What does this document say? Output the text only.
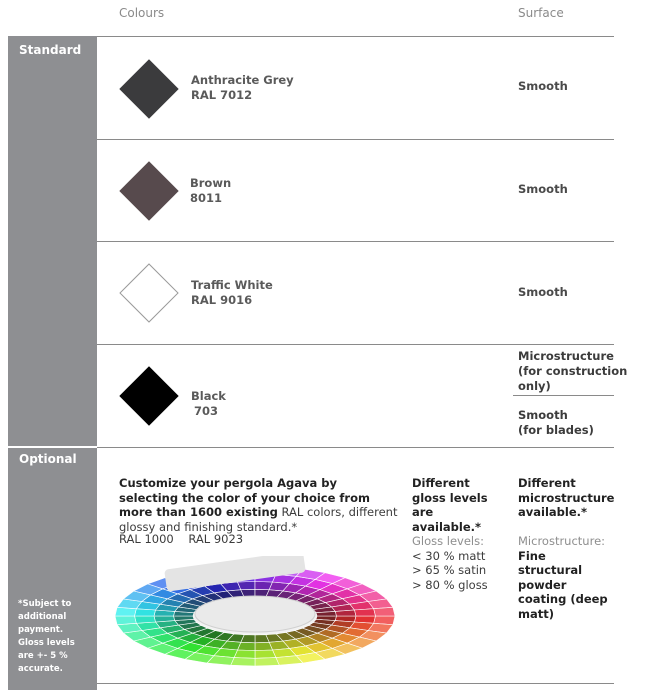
Colours	Surface
Standard
Optional
*Subject to additional payment. Gloss levels are +- 5 % accurate.
Anthracite Grey
RAL 7012
Smooth
Brown
8011
Smooth
Traffic White
RAL 9016
Smooth
Black
703
Microstructure
(for construction only)
Smooth
(for blades)
Customize your pergola Agava by selecting the color of your choice from more than 1600 existing RAL colors, different glossy and finishing standard.*
RAL 1000 RAL 9023
Different gloss levels are available.*
Gloss levels:
< 30 % matt
> 65 % satin
> 80 % gloss
Different microstructure available.*
Microstructure:
Fine structural powder coating (deep matt)
